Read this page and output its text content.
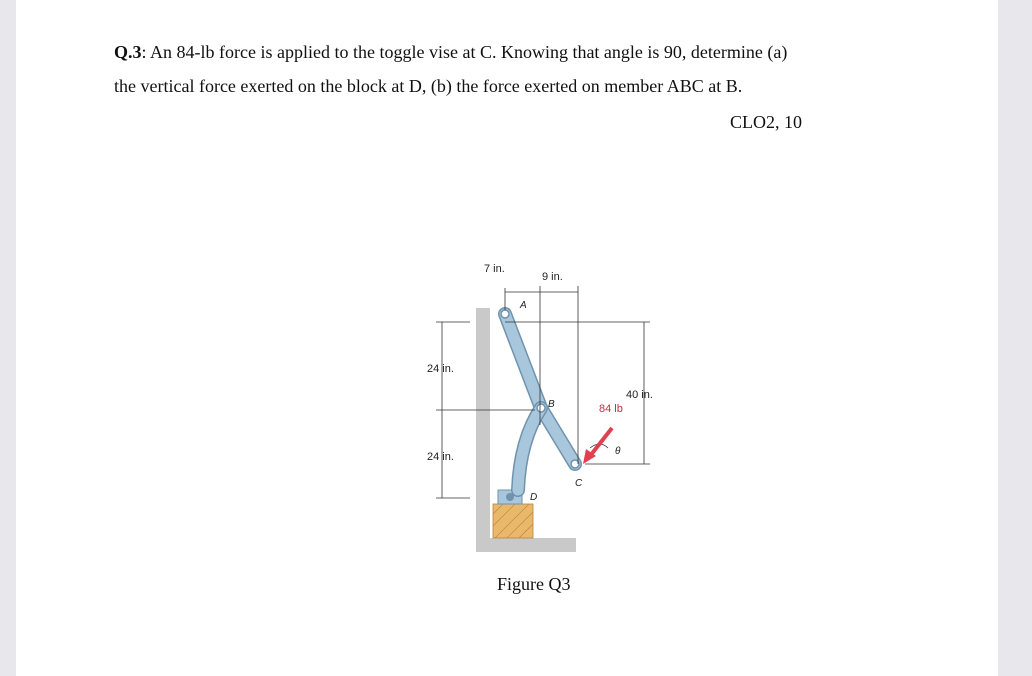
Q.3: An 84-lb force is applied to the toggle vise at C. Knowing that angle is 90, determine (a)
the vertical force exerted on the block at D, (b) the force exerted on member ABC at B.
CLO2, 10
7 in.
9 in.
24 in.
24 in.
40 in.
84 lb
A
B
C
D
θ
Figure Q3
